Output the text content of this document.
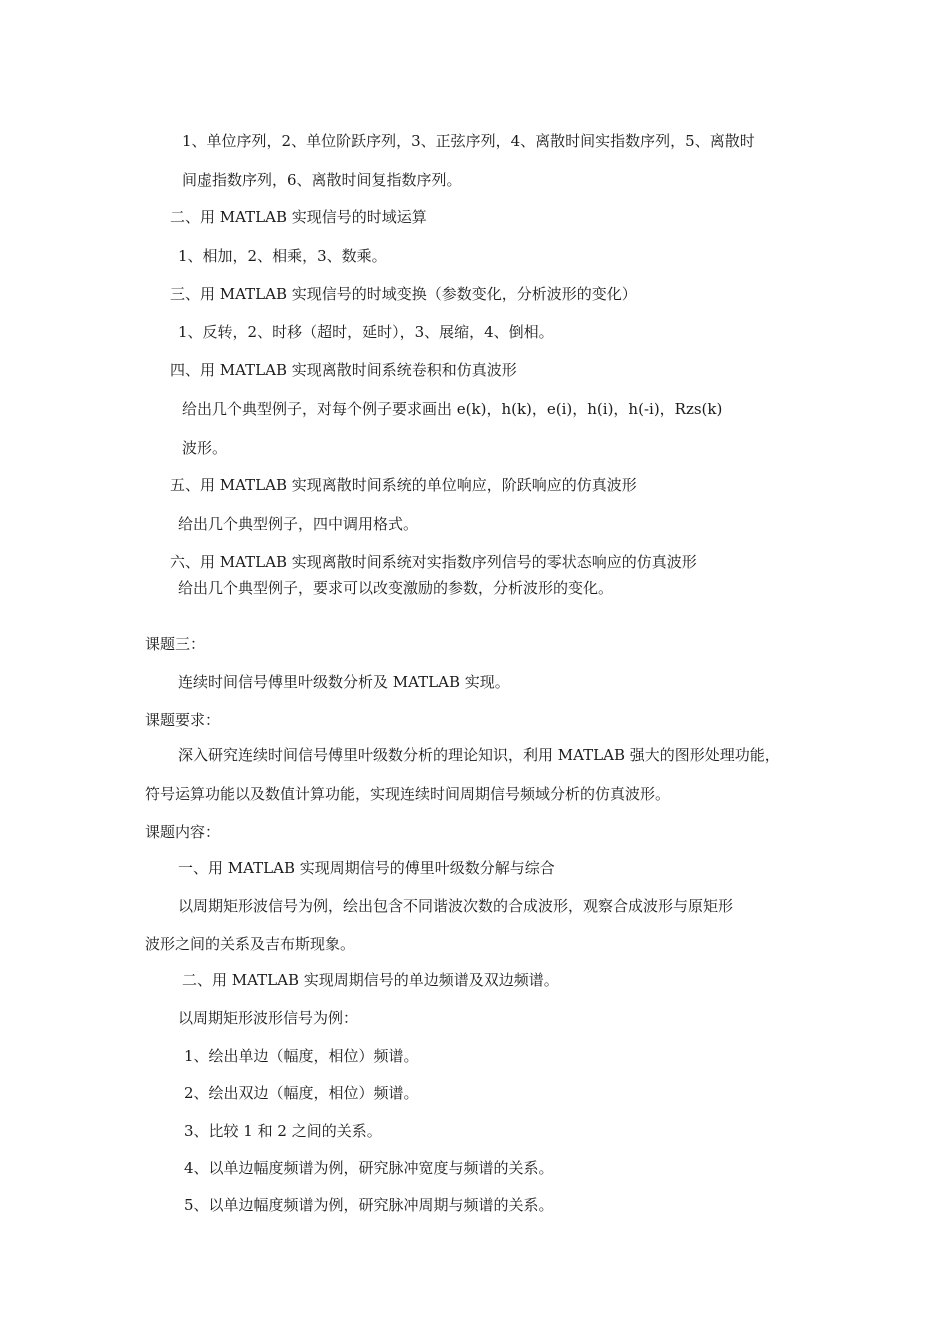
1、单位序列，2、单位阶跃序列，3、正弦序列，4、离散时间实指数序列，5、离散时
间虚指数序列，6、离散时间复指数序列。
二、用 MATLAB 实现信号的时域运算
1、相加，2、相乘，3、数乘。
三、用 MATLAB 实现信号的时域变换（参数变化，分析波形的变化）
1、反转，2、时移（超时，延时），3、展缩，4、倒相。
四、用 MATLAB 实现离散时间系统卷积和仿真波形
给出几个典型例子，对每个例子要求画出 e(k)，h(k)，e(i)，h(i)，h(-i)，Rzs(k)
波形。
五、用 MATLAB 实现离散时间系统的单位响应，阶跃响应的仿真波形
给出几个典型例子，四中调用格式。
六、用 MATLAB 实现离散时间系统对实指数序列信号的零状态响应的仿真波形
给出几个典型例子，要求可以改变激励的参数，分析波形的变化。
课题三：
连续时间信号傅里叶级数分析及 MATLAB 实现。
课题要求：
深入研究连续时间信号傅里叶级数分析的理论知识，利用 MATLAB 强大的图形处理功能，
符号运算功能以及数值计算功能，实现连续时间周期信号频域分析的仿真波形。
课题内容：
一、用 MATLAB 实现周期信号的傅里叶级数分解与综合
以周期矩形波信号为例，绘出包含不同谐波次数的合成波形，观察合成波形与原矩形
波形之间的关系及吉布斯现象。
二、用 MATLAB 实现周期信号的单边频谱及双边频谱。
以周期矩形波形信号为例：
1、绘出单边（幅度，相位）频谱。
2、绘出双边（幅度，相位）频谱。
3、比较 1 和 2 之间的关系。
4、以单边幅度频谱为例，研究脉冲宽度与频谱的关系。
5、以单边幅度频谱为例，研究脉冲周期与频谱的关系。
